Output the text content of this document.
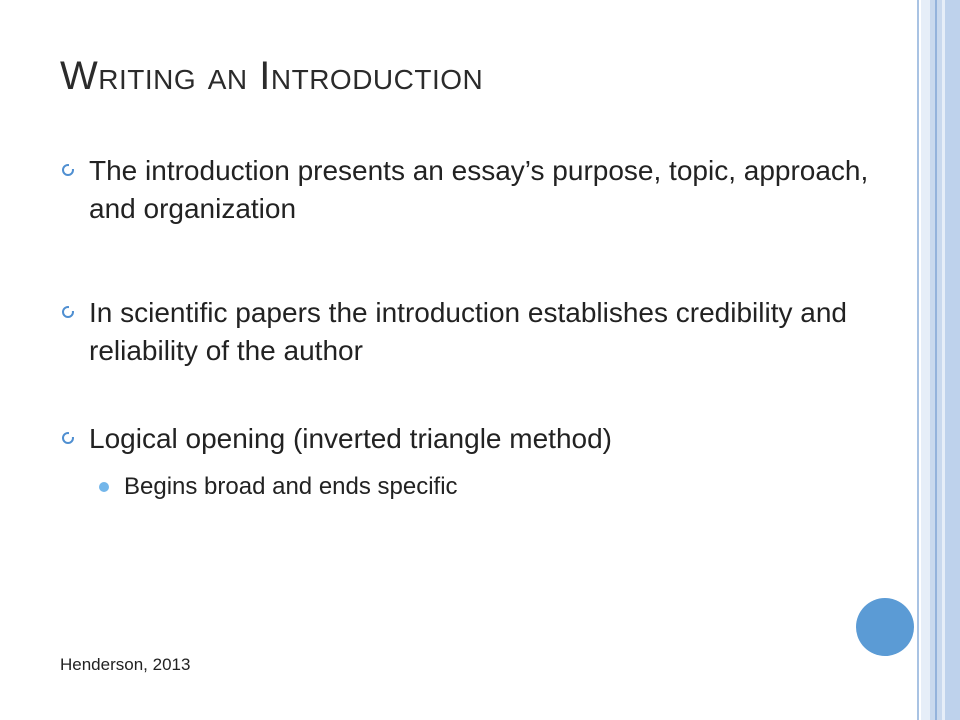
Writing an Introduction
The introduction presents an essay’s purpose, topic, approach, and organization
In scientific papers the introduction establishes credibility and reliability of the author
Logical opening (inverted triangle method)
Begins broad and ends specific
Henderson, 2013
